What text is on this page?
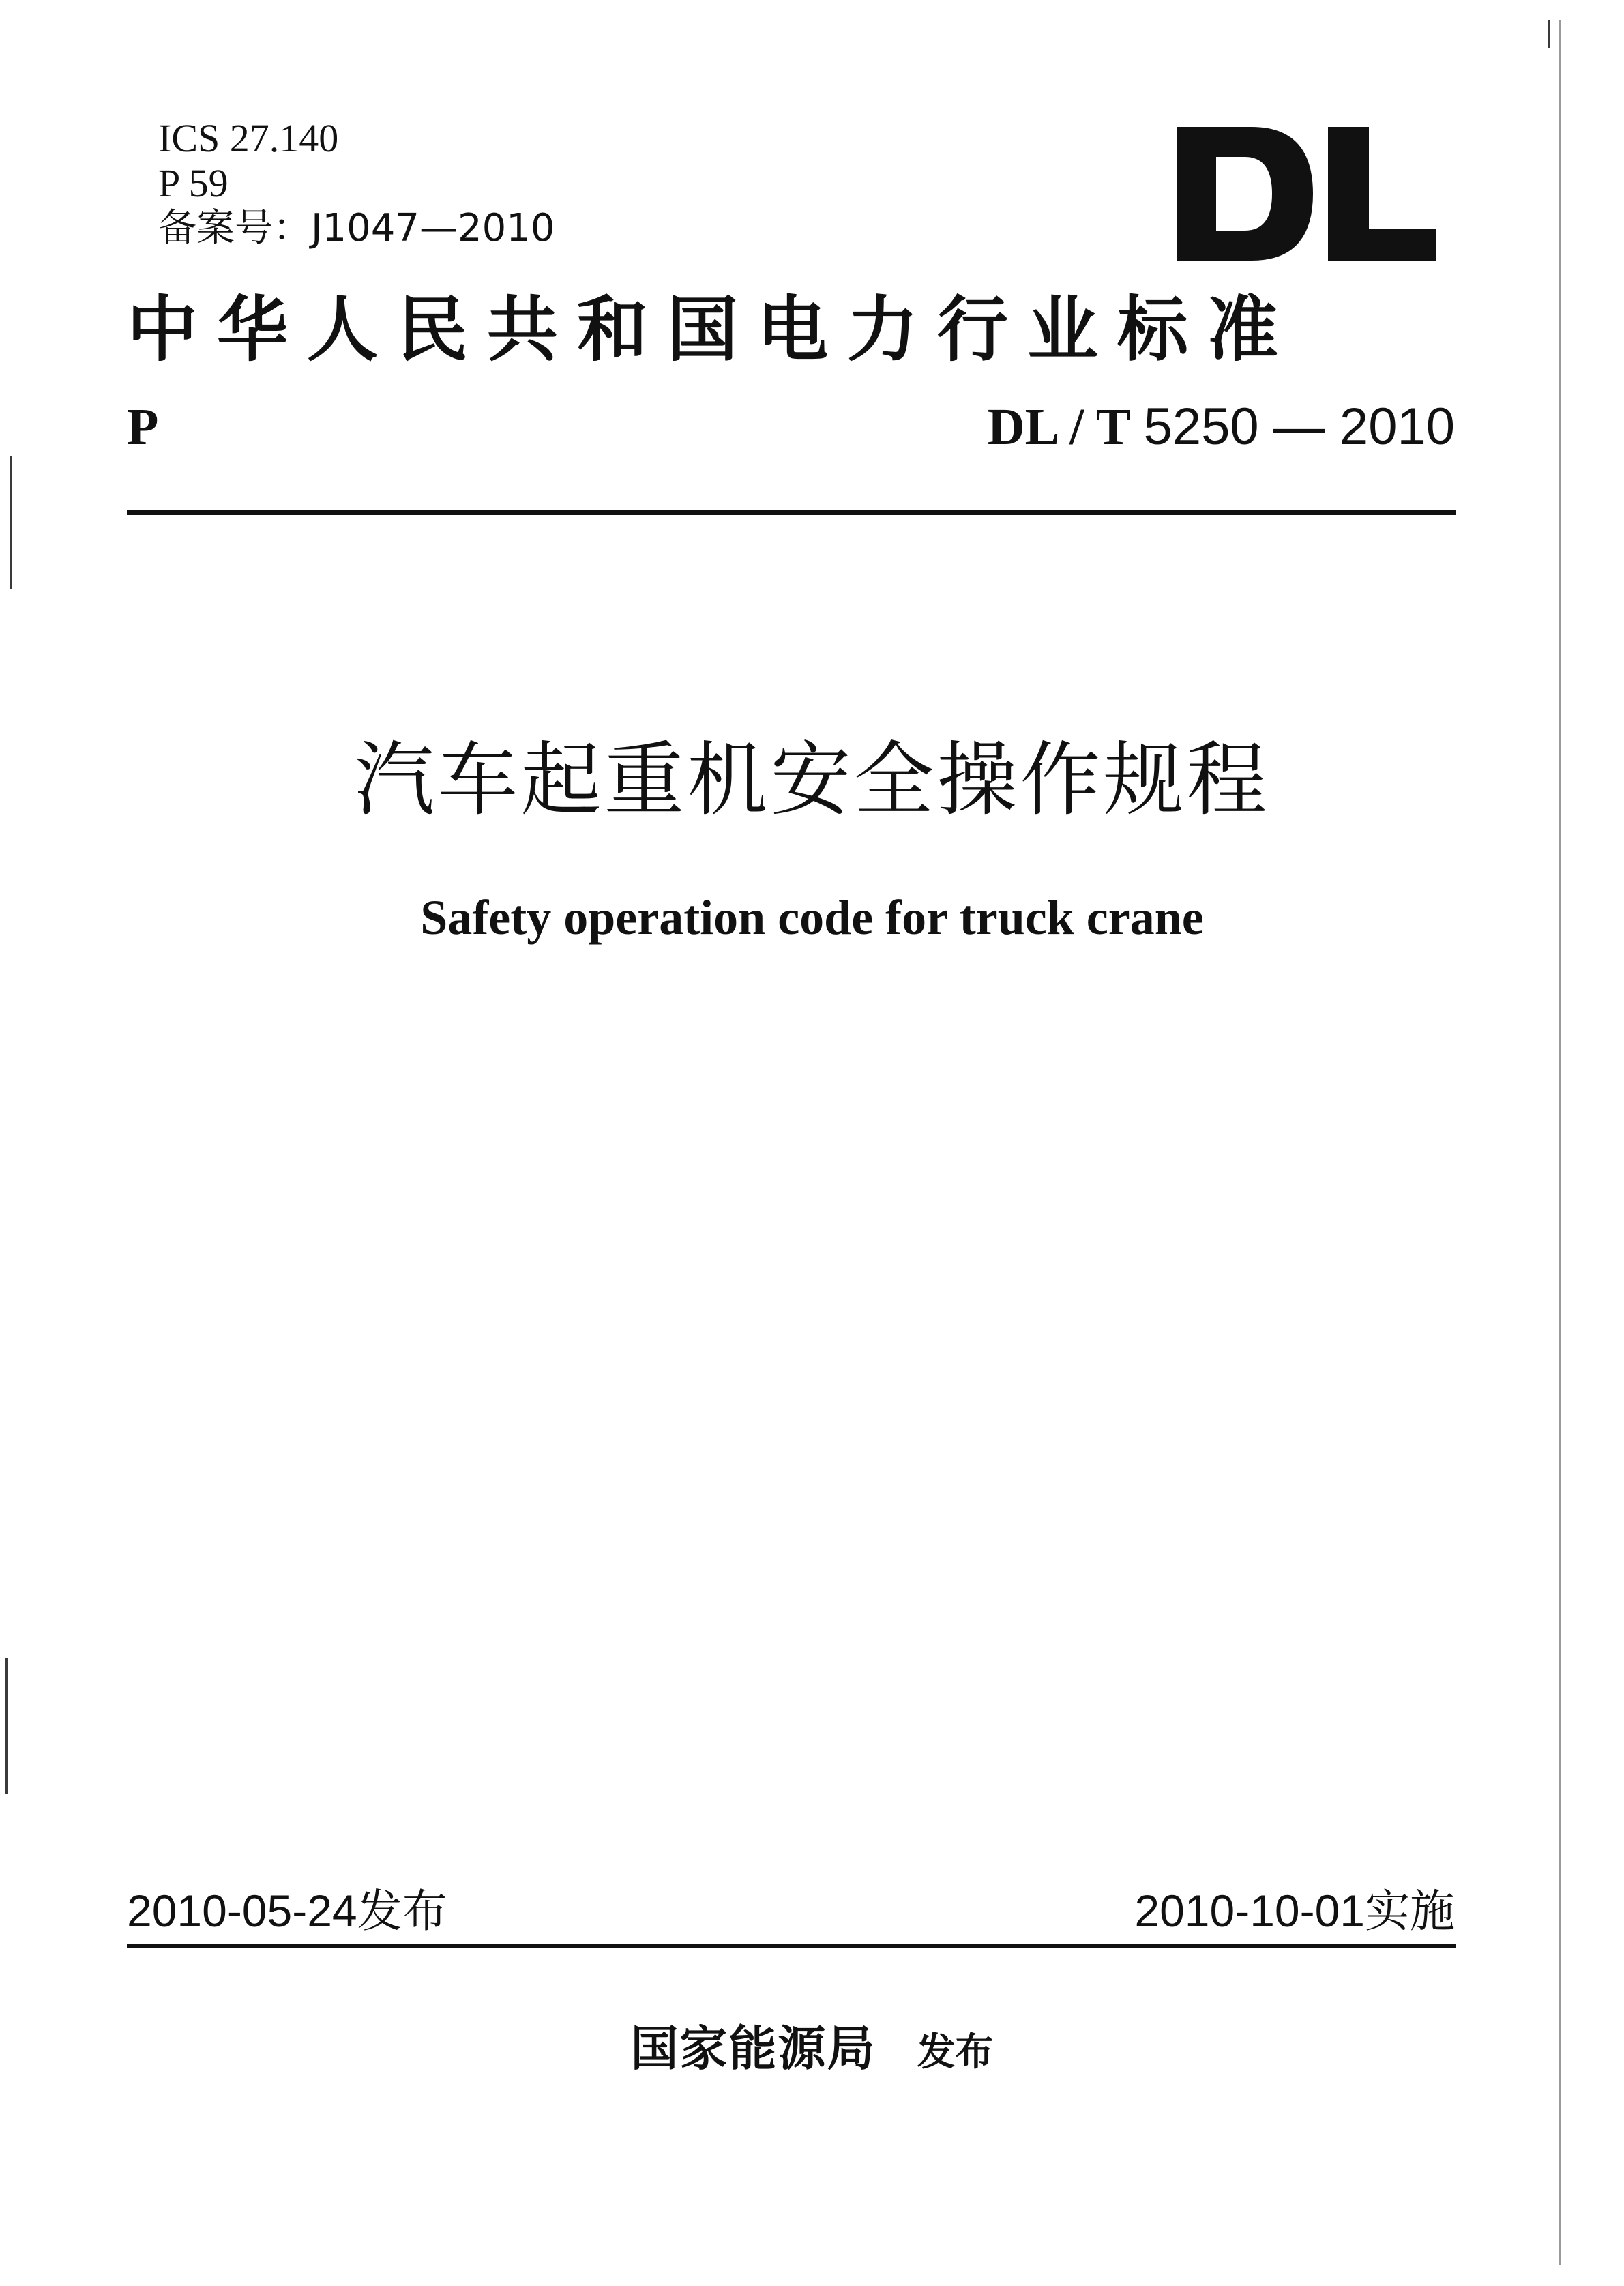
ICS 27.140
P 59
备案号：J1047—2010
中华人民共和国电力行业标准
P	DL / T 5250 — 2010
汽车起重机安全操作规程
Safety operation code for truck crane
2010-05-24发布	2010-10-01实施
国家能源局 发布
